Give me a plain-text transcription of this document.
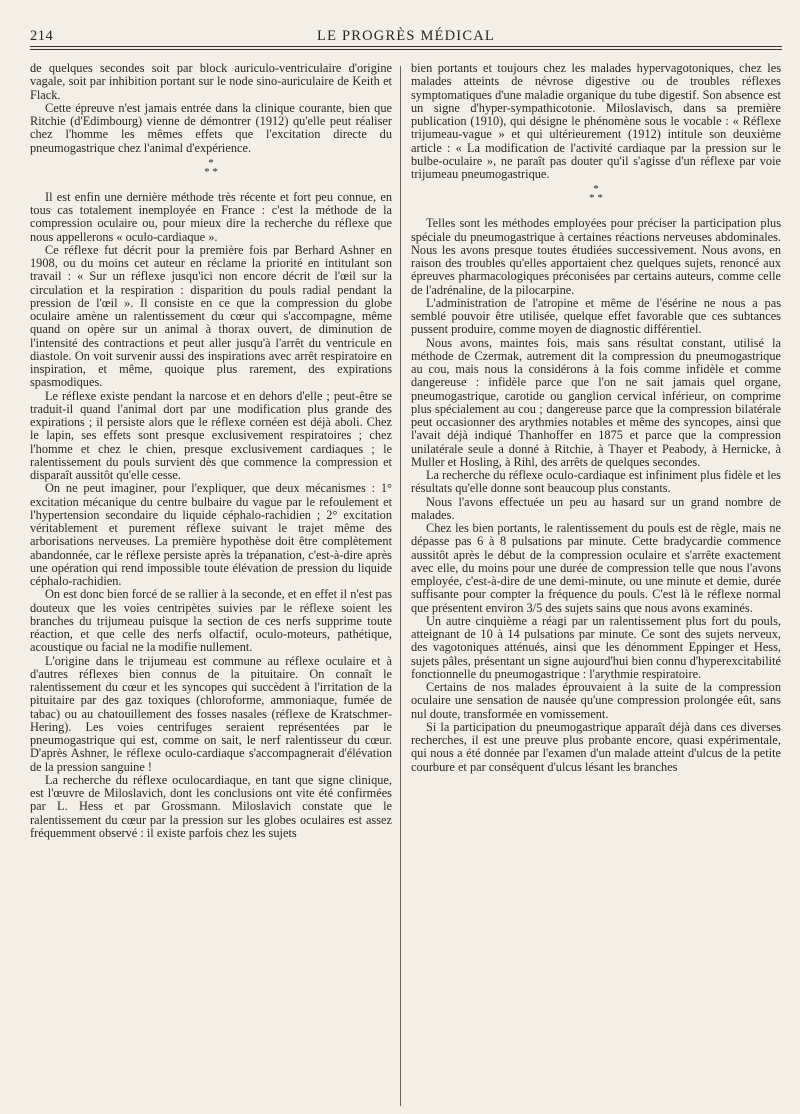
214	LE PROGRÈS MÉDICAL

de quelques secondes soit par block auriculo-ventriculaire d'origine vagale, soit par inhibition portant sur le node sino-auriculaire de Keith et Flack.

Cette épreuve n'est jamais entrée dans la clinique courante, bien que Ritchie (d'Edimbourg) vienne de démontrer (1912) qu'elle peut réaliser chez l'homme les mêmes effets que l'excitation directe du pneumogastrique chez l'animal d'expérience.

*
* *

Il est enfin une dernière méthode très récente et fort peu connue, en tous cas totalement inemployée en France : c'est la méthode de la compression oculaire ou, pour mieux dire la recherche du réflexe que nous appellerons « oculo-cardiaque ».

Ce réflexe fut décrit pour la première fois par Berhard Ashner en 1908, ou du moins cet auteur en réclame la priorité en intitulant son travail : « Sur un réflexe jusqu'ici non encore décrit de l'œil sur la circulation et la respiration : disparition du pouls radial pendant la pression de l'œil ». Il consiste en ce que la compression du globe oculaire amène un ralentissement du cœur qui s'accompagne, même quand on opère sur un animal à thorax ouvert, de diminution de l'intensité des contractions et peut aller jusqu'à l'arrêt du ventricule en diastole. On voit survenir aussi des inspirations avec arrêt respiratoire en inspiration, et même, quoique plus rarement, des expirations spasmodiques.

Le réflexe existe pendant la narcose et en dehors d'elle ; peut-être se traduit-il quand l'animal dort par une modification plus grande des expirations ; il persiste alors que le réflexe cornéen est déjà aboli. Chez le lapin, ses effets sont presque exclusivement respiratoires ; chez l'homme et chez le chien, presque exclusivement cardiaques ; le ralentissement du pouls survient dès que commence la compression et disparaît aussitôt qu'elle cesse.

On ne peut imaginer, pour l'expliquer, que deux mécanismes : 1° excitation mécanique du centre bulbaire du vague par le refoulement et l'hypertension secondaire du liquide céphalo-rachidien ; 2° excitation véritablement et purement réflexe suivant le trajet même des arborisations nerveuses. La première hypothèse doit être complètement abandonnée, car le réflexe persiste après la trépanation, c'est-à-dire après une opération qui rend impossible toute élévation de pression du liquide céphalo-rachidien.

On est donc bien forcé de se rallier à la seconde, et en effet il n'est pas douteux que les voies centripètes suivies par le réflexe soient les branches du trijumeau puisque la section de ces nerfs supprime toute réaction, et que celle des nerfs olfactif, oculo-moteurs, pathétique, acoustique ou facial ne la modifie nullement.

L'origine dans le trijumeau est commune au réflexe oculaire et à d'autres réflexes bien connus de la pituitaire. On connaît le ralentissement du cœur et les syncopes qui succèdent à l'irritation de la pituitaire par des gaz toxiques (chloroforme, ammoniaque, fumée de tabac) ou au chatouillement des fosses nasales (réflexe de Kratschmer-Hering). Les voies centrifuges seraient représentées par le pneumogastrique qui est, comme on sait, le nerf ralentisseur du cœur. D'après Ashner, le réflexe oculo-cardiaque s'accompagnerait d'élévation de la pression sanguine !

La recherche du réflexe oculocardiaque, en tant que signe clinique, est l'œuvre de Miloslavich, dont les conclusions ont vite été confirmées par L. Hess et par Grossmann. Miloslavich constate que le ralentissement du cœur par la pression sur les globes oculaires est assez fréquemment observé : il existe parfois chez les sujets

bien portants et toujours chez les malades hypervagotoniques, chez les malades atteints de névrose digestive ou de troubles réflexes symptomatiques d'une maladie organique du tube digestif. Son absence est un signe d'hyper-sympathicotonie. Miloslavisch, dans sa première publication (1910), qui désigne le phénomène sous le vocable : « Réflexe trijumeau-vague » et qui ultérieurement (1912) intitule son deuxième article : « La modification de l'activité cardiaque par la pression sur le bulbe-oculaire », ne paraît pas douter qu'il s'agisse d'un réflexe par voie trijumeau pneumogastrique.

*
* *

Telles sont les méthodes employées pour préciser la participation plus spéciale du pneumogastrique à certaines réactions nerveuses abdominales. Nous les avons presque toutes étudiées successivement. Nous avons, en raison des troubles qu'elles apportaient chez quelques sujets, renoncé aux épreuves pharmacologiques préconisées par certains auteurs, comme celle de l'adrénaline, de la pilocarpine.

L'administration de l'atropine et même de l'ésérine ne nous a pas semblé pouvoir être utilisée, quelque effet favorable que ces subtances pussent produire, comme moyen de diagnostic différentiel.

Nous avons, maintes fois, mais sans résultat constant, utilisé la méthode de Czermak, autrement dit la compression du pneumogastrique au cou, mais nous la considérons à la fois comme infidèle et comme dangereuse : infidèle parce que l'on ne sait jamais quel organe, pneumogastrique, carotide ou ganglion cervical inférieur, on comprime plus spécialement au cou ; dangereuse parce que la compression bilatérale peut occasionner des arythmies notables et même des syncopes, ainsi que l'avait déjà indiqué Thanhoffer en 1875 et parce que la compression unilatérale seule a donné à Ritchie, à Thayer et Peabody, à Hernicke, à Muller et Hosling, à Rihl, des arrêts de quelques secondes.

La recherche du réflexe oculo-cardiaque est infiniment plus fidèle et les résultats qu'elle donne sont beaucoup plus constants.

Nous l'avons effectuée un peu au hasard sur un grand nombre de malades.

Chez les bien portants, le ralentissement du pouls est de règle, mais ne dépasse pas 6 à 8 pulsations par minute. Cette bradycardie commence aussitôt après le début de la compression oculaire et s'arrête exactement avec elle, du moins pour une durée de compression telle que nous l'avons employée, c'est-à-dire de une demi-minute, ou une minute et demie, durée suffisante pour compter la fréquence du pouls. C'est là le réflexe normal que présentent environ 3/5 des sujets sains que nous avons examinés.

Un autre cinquième a réagi par un ralentissement plus fort du pouls, atteignant de 10 à 14 pulsations par minute. Ce sont des sujets nerveux, des vagotoniques atténués, ainsi que les dénomment Eppinger et Hess, sujets pâles, présentant un signe aujourd'hui bien connu d'hyperexcitabilité fonctionnelle du pneumogastrique : l'arythmie respiratoire.

Certains de nos malades éprouvaient à la suite de la compression oculaire une sensation de nausée qu'une compression prolongée eût, sans nul doute, transformée en vomissement.

Si la participation du pneumogastrique apparaît déjà dans ces diverses recherches, il est une preuve plus probante encore, quasi expérimentale, qui nous a été donnée par l'examen d'un malade atteint d'ulcus de la petite courbure et par conséquent d'ulcus lésant les branches
